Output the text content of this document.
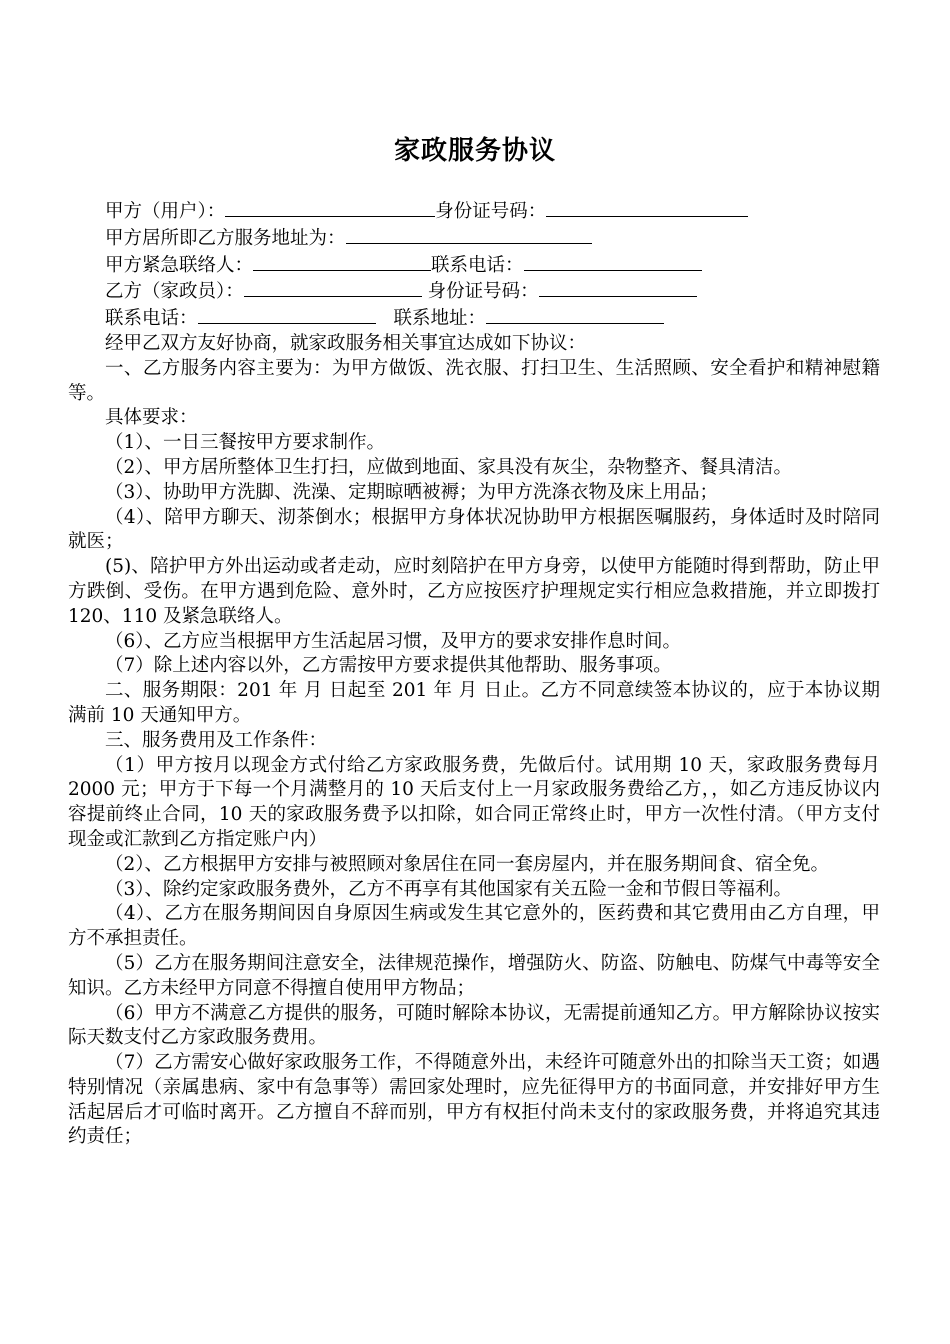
家政服务协议
甲方（用户）：	身份证号码：
甲方居所即乙方服务地址为：
甲方紧急联络人：	联系电话：
乙方（家政员）：	身份证号码：
联系电话：	联系地址：

经甲乙双方友好协商，就家政服务相关事宜达成如下协议：

一、乙方服务内容主要为：为甲方做饭、洗衣服、打扫卫生、生活照顾、安全看护和精神慰籍等。

具体要求：

（1）、一日三餐按甲方要求制作。

（2）、甲方居所整体卫生打扫，应做到地面、家具没有灰尘，杂物整齐、餐具清洁。

（3）、协助甲方洗脚、洗澡、定期晾晒被褥；为甲方洗涤衣物及床上用品；

（4）、陪甲方聊天、沏茶倒水；根据甲方身体状况协助甲方根据医嘱服药，身体适时及时陪同就医；

(5)、陪护甲方外出运动或者走动，应时刻陪护在甲方身旁，以使甲方能随时得到帮助，防止甲方跌倒、受伤。在甲方遇到危险、意外时，乙方应按医疗护理规定实行相应急救措施，并立即拨打 120、110 及紧急联络人。

（6）、乙方应当根据甲方生活起居习惯，及甲方的要求安排作息时间。

（7）除上述内容以外，乙方需按甲方要求提供其他帮助、服务事项。

二、服务期限：201 年 月 日起至 201 年 月 日止。乙方不同意续签本协议的，应于本协议期满前 10 天通知甲方。

三、服务费用及工作条件：

（1）甲方按月以现金方式付给乙方家政服务费，先做后付。试用期 10 天，家政服务费每月 2000 元；甲方于下每一个月满整月的 10 天后支付上一月家政服务费给乙方，，如乙方违反协议内容提前终止合同，10 天的家政服务费予以扣除，如合同正常终止时，甲方一次性付清。（甲方支付现金或汇款到乙方指定账户内）

（2）、乙方根据甲方安排与被照顾对象居住在同一套房屋内，并在服务期间食、宿全免。

（3）、除约定家政服务费外，乙方不再享有其他国家有关五险一金和节假日等福利。

（4）、乙方在服务期间因自身原因生病或发生其它意外的，医药费和其它费用由乙方自理，甲方不承担责任。

（5）乙方在服务期间注意安全，法律规范操作，增强防火、防盗、防触电、防煤气中毒等安全知识。乙方未经甲方同意不得擅自使用甲方物品；

（6）甲方不满意乙方提供的服务，可随时解除本协议，无需提前通知乙方。甲方解除协议按实际天数支付乙方家政服务费用。

（7）乙方需安心做好家政服务工作，不得随意外出，未经许可随意外出的扣除当天工资；如遇特别情况（亲属患病、家中有急事等）需回家处理时，应先征得甲方的书面同意，并安排好甲方生活起居后才可临时离开。乙方擅自不辞而别，甲方有权拒付尚未支付的家政服务费，并将追究其违约责任；
